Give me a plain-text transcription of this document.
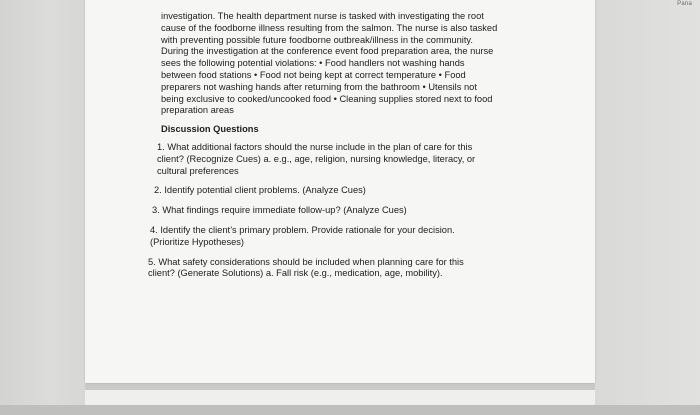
Pana
investigation. The health department nurse is tasked with investigating the root
cause of the foodborne illness resulting from the salmon. The nurse is also tasked
with preventing possible future foodborne outbreak/illness in the community.
During the investigation at the conference event food preparation area, the nurse
sees the following potential violations: • Food handlers not washing hands
between food stations • Food not being kept at correct temperature • Food
preparers not washing hands after returning from the bathroom • Utensils not
being exclusive to cooked/uncooked food • Cleaning supplies stored next to food
preparation areas
Discussion Questions
1. What additional factors should the nurse include in the plan of care for this
client? (Recognize Cues) a. e.g., age, religion, nursing knowledge, literacy, or
cultural preferences
2. Identify potential client problems. (Analyze Cues)
3. What findings require immediate follow-up? (Analyze Cues)
4. Identify the client’s primary problem. Provide rationale for your decision.
(Prioritize Hypotheses)
5. What safety considerations should be included when planning care for this
client? (Generate Solutions) a. Fall risk (e.g., medication, age, mobility).
